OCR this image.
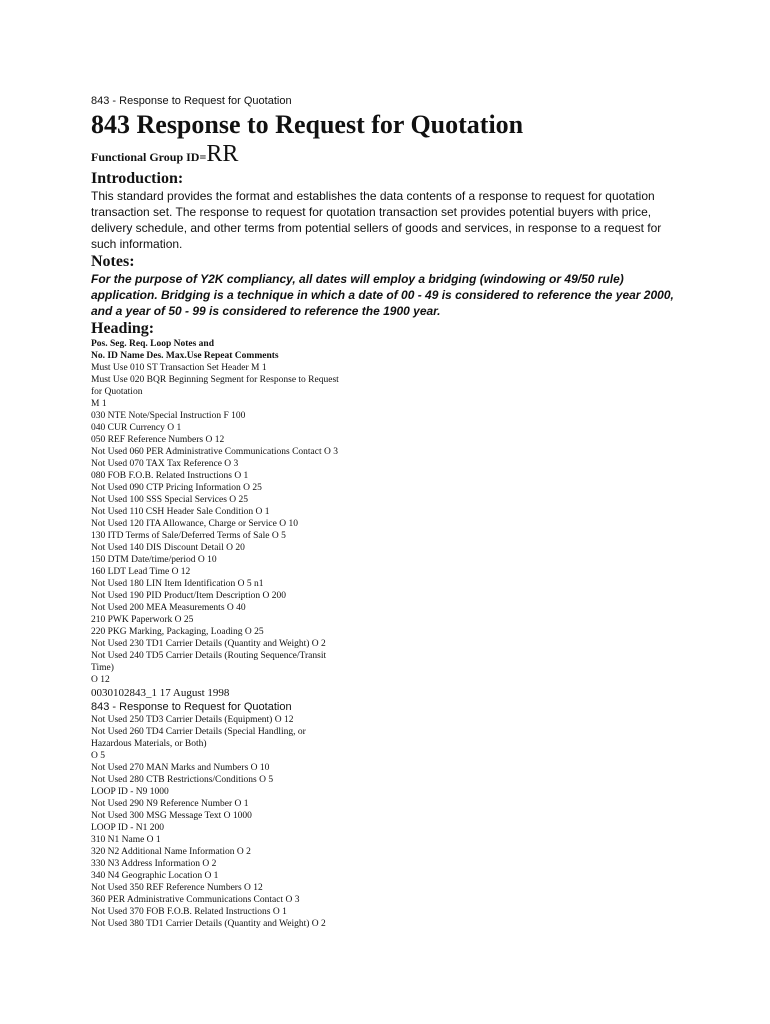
843 - Response to Request for Quotation

843 Response to Request for Quotation

Functional Group ID=RR

Introduction:

This standard provides the format and establishes the data contents of a response to request for quotation

transaction set. The response to request for quotation transaction set provides potential buyers with price,

delivery schedule, and other terms from potential sellers of goods and services, in response to a request for

such information.

Notes:

For the purpose of Y2K compliancy, all dates will employ a bridging (windowing or 49/50 rule)

application. Bridging is a technique in which a date of 00 - 49 is considered to reference the year 2000,

and a year of 50 - 99 is considered to reference the 1900 year.

Heading:

Pos. Seg. Req. Loop Notes and

No. ID Name Des. Max.Use Repeat Comments

Must Use 010 ST Transaction Set Header M 1
Must Use 020 BQR Beginning Segment for Response to Request
for Quotation
M 1
030 NTE Note/Special Instruction F 100
040 CUR Currency O 1
050 REF Reference Numbers O 12
Not Used 060 PER Administrative Communications Contact O 3
Not Used 070 TAX Tax Reference O 3
080 FOB F.O.B. Related Instructions O 1
Not Used 090 CTP Pricing Information O 25
Not Used 100 SSS Special Services O 25
Not Used 110 CSH Header Sale Condition O 1
Not Used 120 ITA Allowance, Charge or Service O 10
130 ITD Terms of Sale/Deferred Terms of Sale O 5
Not Used 140 DIS Discount Detail O 20
150 DTM Date/time/period O 10
160 LDT Lead Time O 12
Not Used 180 LIN Item Identification O 5 n1
Not Used 190 PID Product/Item Description O 200
Not Used 200 MEA Measurements O 40
210 PWK Paperwork O 25
220 PKG Marking, Packaging, Loading O 25
Not Used 230 TD1 Carrier Details (Quantity and Weight) O 2
Not Used 240 TD5 Carrier Details (Routing Sequence/Transit
Time)
O 12

0030102843_1 17 August 1998

843 - Response to Request for Quotation

Not Used 250 TD3 Carrier Details (Equipment) O 12
Not Used 260 TD4 Carrier Details (Special Handling, or
Hazardous Materials, or Both)
O 5
Not Used 270 MAN Marks and Numbers O 10
Not Used 280 CTB Restrictions/Conditions O 5
LOOP ID - N9 1000
Not Used 290 N9 Reference Number O 1
Not Used 300 MSG Message Text O 1000
LOOP ID - N1 200
310 N1 Name O 1
320 N2 Additional Name Information O 2
330 N3 Address Information O 2
340 N4 Geographic Location O 1
Not Used 350 REF Reference Numbers O 12
360 PER Administrative Communications Contact O 3
Not Used 370 FOB F.O.B. Related Instructions O 1
Not Used 380 TD1 Carrier Details (Quantity and Weight) O 2
